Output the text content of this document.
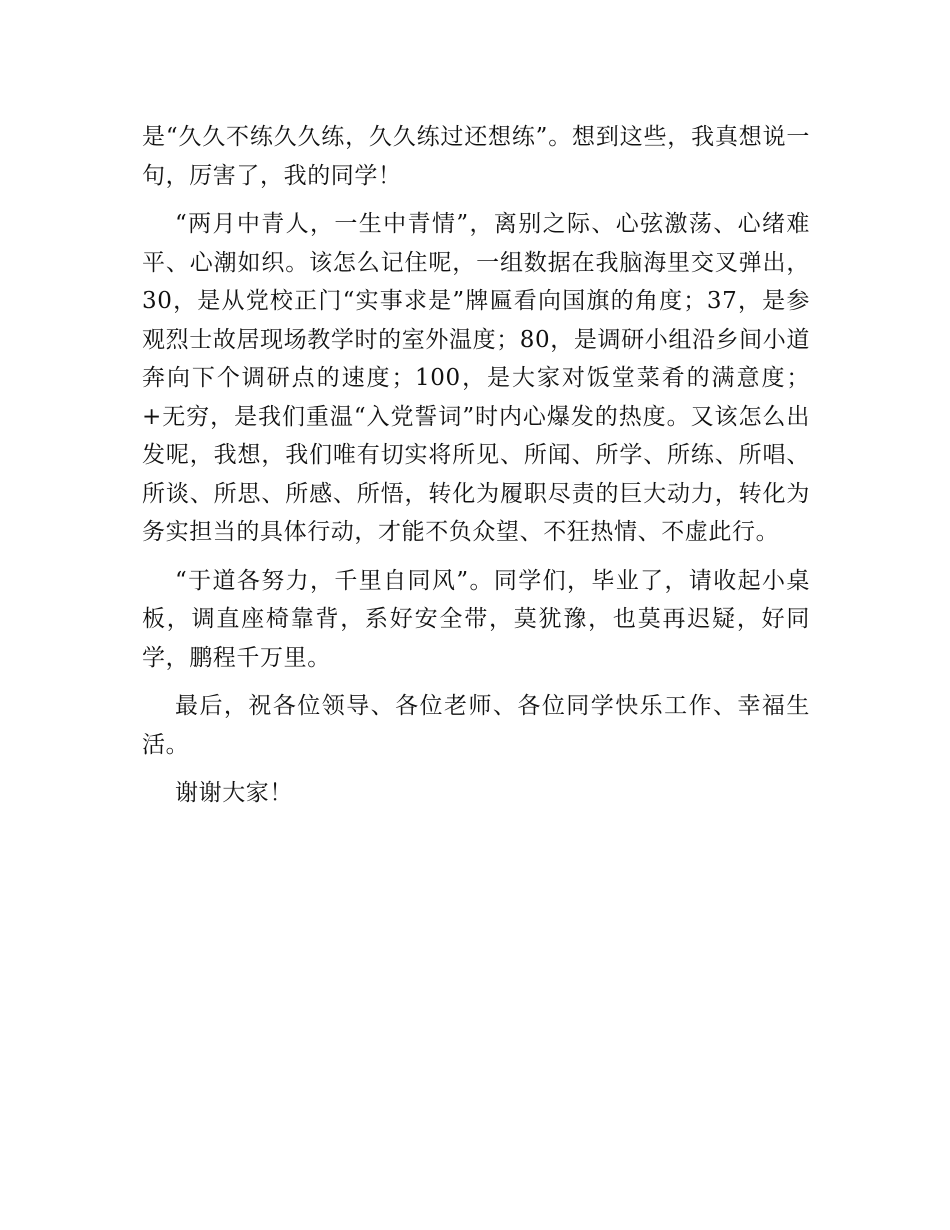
是“久久不练久久练，久久练过还想练”。想到这些，我真想说一句，厉害了，我的同学！

“两月中青人，一生中青情”，离别之际、心弦激荡、心绪难平、心潮如织。该怎么记住呢，一组数据在我脑海里交叉弹出，30，是从党校正门“实事求是”牌匾看向国旗的角度；37，是参观烈士故居现场教学时的室外温度；80，是调研小组沿乡间小道奔向下个调研点的速度；100，是大家对饭堂菜肴的满意度；+无穷，是我们重温“入党誓词”时内心爆发的热度。又该怎么出发呢，我想，我们唯有切实将所见、所闻、所学、所练、所唱、所谈、所思、所感、所悟，转化为履职尽责的巨大动力，转化为务实担当的具体行动，才能不负众望、不狂热情、不虚此行。

“于道各努力，千里自同风”。同学们，毕业了，请收起小桌板，调直座椅靠背，系好安全带，莫犹豫，也莫再迟疑，好同学，鹏程千万里。

最后，祝各位领导、各位老师、各位同学快乐工作、幸福生活。

谢谢大家！
